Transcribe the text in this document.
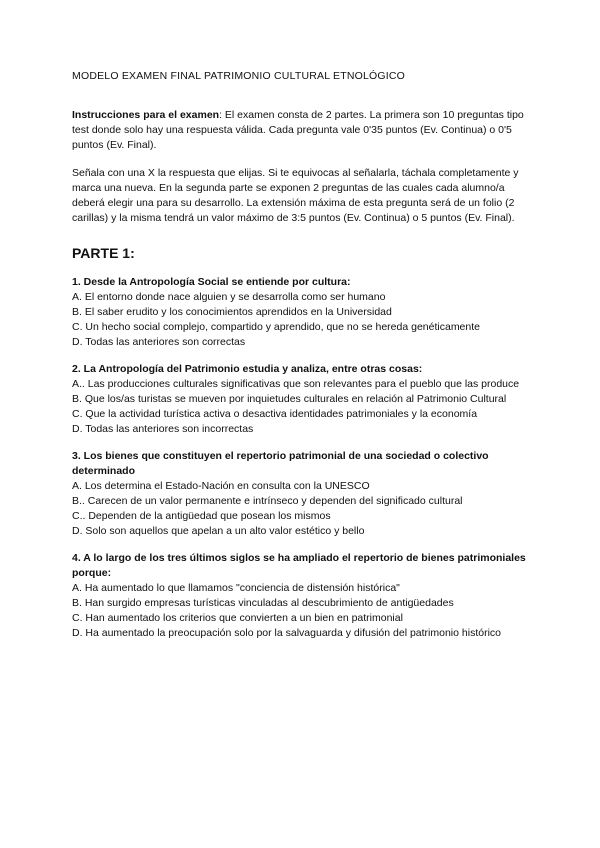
MODELO EXAMEN FINAL PATRIMONIO CULTURAL ETNOLÓGICO

Instrucciones para el examen: El examen consta de 2 partes. La primera son 10 preguntas tipo test donde solo hay una respuesta válida. Cada pregunta vale 0'35 puntos (Ev. Continua) o 0'5 puntos (Ev. Final).

Señala con una X la respuesta que elijas. Si te equivocas al señalarla, táchala completamente y marca una nueva. En la segunda parte se exponen 2 preguntas de las cuales cada alumno/a deberá elegir una para su desarrollo. La extensión máxima de esta pregunta será de un folio (2 carillas) y la misma tendrá un valor máximo de 3:5 puntos (Ev. Continua) o 5 puntos (Ev. Final).

PARTE 1:
1. Desde la Antropología Social se entiende por cultura:
A. El entorno donde nace alguien y se desarrolla como ser humano
B. El saber erudito y los conocimientos aprendidos en la Universidad
C. Un hecho social complejo, compartido y aprendido, que no se hereda genéticamente
D. Todas las anteriores son correctas
2. La Antropología del Patrimonio estudia y analiza, entre otras cosas:
A.. Las producciones culturales significativas que son relevantes para el pueblo que las produce
B. Que los/as turistas se mueven por inquietudes culturales en relación al Patrimonio Cultural
C. Que la actividad turística activa o desactiva identidades patrimoniales y la economía
D. Todas las anteriores son incorrectas
3. Los bienes que constituyen el repertorio patrimonial de una sociedad o colectivo determinado
A. Los determina el Estado-Nación en consulta con la UNESCO
B.. Carecen de un valor permanente e intrínseco y dependen del significado cultural
C.. Dependen de la antigüedad que posean los mismos
D. Solo son aquellos que apelan a un alto valor estético y bello
4. A lo largo de los tres últimos siglos se ha ampliado el repertorio de bienes patrimoniales porque:
A. Ha aumentado lo que llamamos "conciencia de distensión histórica"
B. Han surgido empresas turísticas vinculadas al descubrimiento de antigüedades
C. Han aumentado los criterios que convierten a un bien en patrimonial
D. Ha aumentado la preocupación solo por la salvaguarda y difusión del patrimonio histórico
